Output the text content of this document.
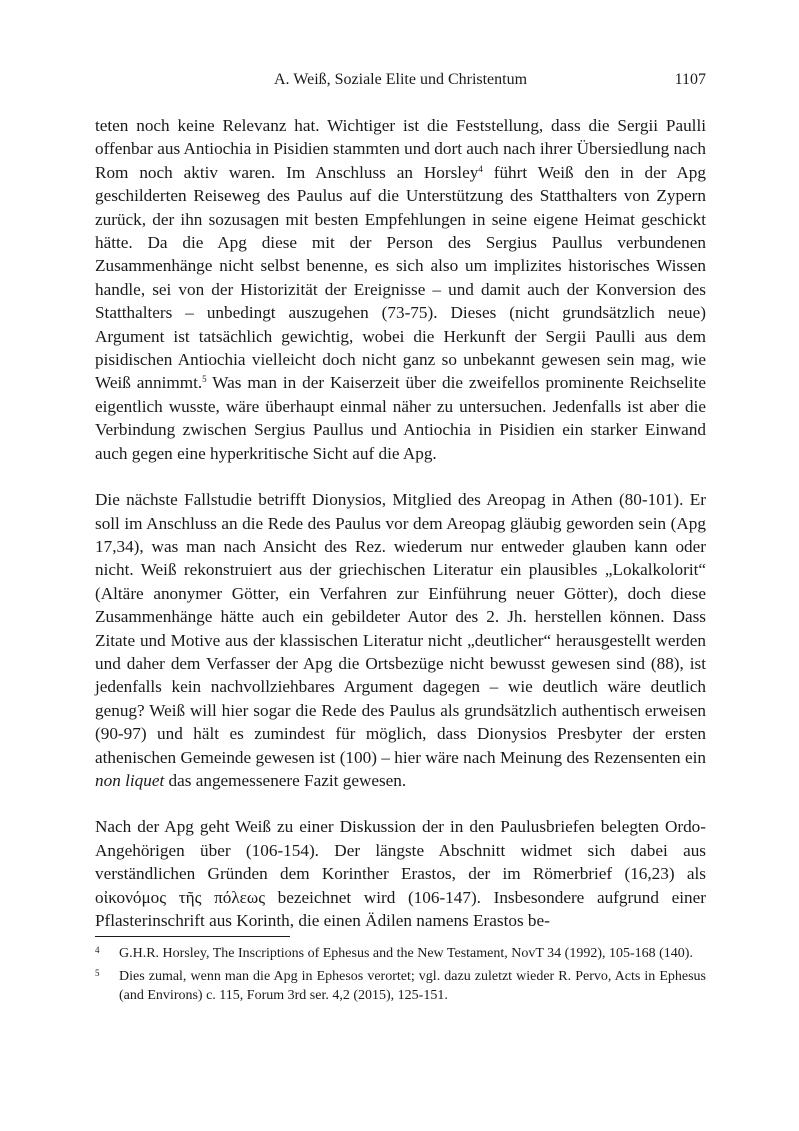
A. Weiß, Soziale Elite und Christentum	1107

teten noch keine Relevanz hat. Wichtiger ist die Feststellung, dass die Sergii Paulli offenbar aus Antiochia in Pisidien stammten und dort auch nach ihrer Übersiedlung nach Rom noch aktiv waren. Im Anschluss an Horsley$^4$ führt Weiß den in der Apg geschilderten Reiseweg des Paulus auf die Unterstützung des Statthalters von Zypern zurück, der ihn sozusagen mit besten Empfehlungen in seine eigene Heimat geschickt hätte. Da die Apg diese mit der Person des Sergius Paullus verbundenen Zusammenhänge nicht selbst benenne, es sich also um implizites historisches Wissen handle, sei von der Historizität der Ereignisse – und damit auch der Konversion des Statthalters – unbedingt auszugehen (73-75). Dieses (nicht grundsätzlich neue) Argument ist tatsächlich gewichtig, wobei die Herkunft der Sergii Paulli aus dem pisidischen Antiochia vielleicht doch nicht ganz so unbekannt gewesen sein mag, wie Weiß annimmt.$^5$ Was man in der Kaiserzeit über die zweifellos prominente Reichselite eigentlich wusste, wäre überhaupt einmal näher zu untersuchen. Jedenfalls ist aber die Verbindung zwischen Sergius Paullus und Antiochia in Pisidien ein starker Einwand auch gegen eine hyperkritische Sicht auf die Apg.

Die nächste Fallstudie betrifft Dionysios, Mitglied des Areopag in Athen (80-101). Er soll im Anschluss an die Rede des Paulus vor dem Areopag gläubig geworden sein (Apg 17,34), was man nach Ansicht des Rez. wiederum nur entweder glauben kann oder nicht. Weiß rekonstruiert aus der griechischen Literatur ein plausibles „Lokalkolorit“ (Altäre anonymer Götter, ein Verfahren zur Einführung neuer Götter), doch diese Zusammenhänge hätte auch ein gebildeter Autor des 2. Jh. herstellen können. Dass Zitate und Motive aus der klassischen Literatur nicht „deutlicher“ herausgestellt werden und daher dem Verfasser der Apg die Ortsbezüge nicht bewusst gewesen sind (88), ist jedenfalls kein nachvollziehbares Argument dagegen – wie deutlich wäre deutlich genug? Weiß will hier sogar die Rede des Paulus als grundsätzlich authentisch erweisen (90-97) und hält es zumindest für möglich, dass Dionysios Presbyter der ersten athenischen Gemeinde gewesen ist (100) – hier wäre nach Meinung des Rezensenten ein non liquet das angemessenere Fazit gewesen.

Nach der Apg geht Weiß zu einer Diskussion der in den Paulusbriefen belegten Ordo-Angehörigen über (106-154). Der längste Abschnitt widmet sich dabei aus verständlichen Gründen dem Korinther Erastos, der im Römerbrief (16,23) als οἰκονόμος τῆς πόλεως bezeichnet wird (106-147). Insbesondere aufgrund einer Pflasterinschrift aus Korinth, die einen Ädilen namens Erastos be-

4 G.H.R. Horsley, The Inscriptions of Ephesus and the New Testament, NovT 34 (1992), 105-168 (140).
5 Dies zumal, wenn man die Apg in Ephesos verortet; vgl. dazu zuletzt wieder R. Pervo, Acts in Ephesus (and Environs) c. 115, Forum 3rd ser. 4,2 (2015), 125-151.
